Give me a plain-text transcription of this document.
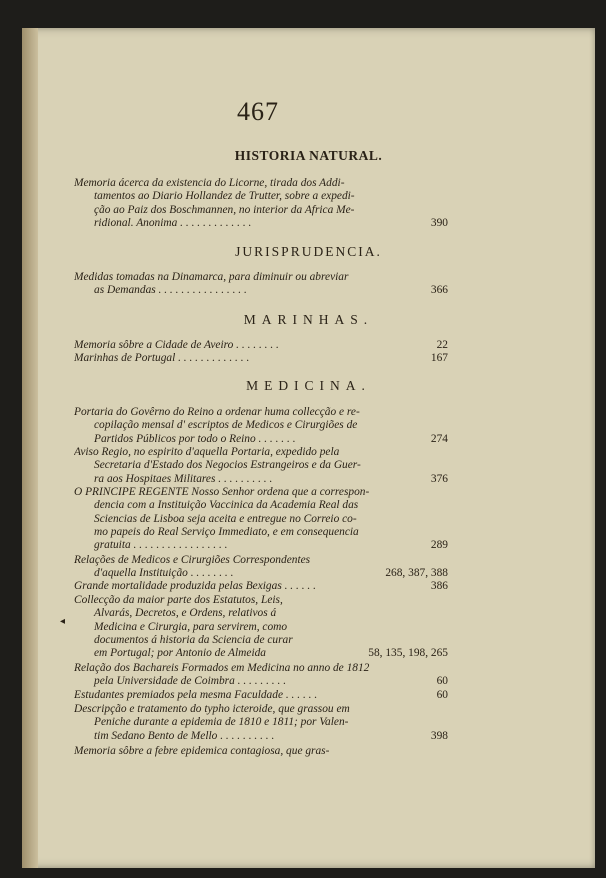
467
HISTORIA NATURAL.
Memoria ácerca da existencia do Licorne, tirada dos Addi-
tamentos ao Diario Hollandez de Trutter, sobre a expedi-
ção ao Paiz dos Boschmannen, no interior da Africa Me-
ridional. Anonima . . . . . . . . . . . . .	390
JURISPRUDENCIA.
Medidas tomadas na Dinamarca, para diminuir ou abreviar
as Demandas . . . . . . . . . . . . . . . .	366
MARINHAS.
Memoria sôbre a Cidade de Aveiro . . . . . . . .	22
Marinhas de Portugal . . . . . . . . . . . . .	167
MEDICINA.
Portaria do Govêrno do Reino a ordenar huma collecção e re-
copilação mensal d' escriptos de Medicos e Cirurgiões de
Partidos Públicos por todo o Reino . . . . . . .	274
Aviso Regio, no espirito d'aquella Portaria, expedido pela
Secretaria d'Estado dos Negocios Estrangeiros e da Guer-
ra aos Hospitaes Militares . . . . . . . . . .	376
O PRINCIPE REGENTE Nosso Senhor ordena que a correspon-
dencia com a Instituição Vaccinica da Academia Real das
Sciencias de Lisboa seja aceita e entregue no Correio co-
mo papeis do Real Serviço Immediato, e em consequencia
gratuita . . . . . . . . . . . . . . . . .	289
Relações de Medicos e Cirurgiões Correspondentes
d'aquella Instituição . . . . . . . .	268, 387, 388
◂
Grande mortalidade produzida pelas Bexigas . . . . . .	386
Collecção da maior parte dos Estatutos, Leis,
Alvarás, Decretos, e Ordens, relativos á
Medicina e Cirurgia, para servirem, como
documentos á historia da Sciencia de curar
em Portugal; por Antonio de Almeida	58, 135, 198, 265
Relação dos Bachareis Formados em Medicina no anno de 1812
pela Universidade de Coimbra . . . . . . . . .	60
Estudantes premiados pela mesma Faculdade . . . . . .	60
Descripção e tratamento do typho icteroide, que grassou em
Peniche durante a epidemia de 1810 e 1811; por Valen-
tim Sedano Bento de Mello . . . . . . . . . .	398
Memoria sôbre a febre epidemica contagiosa, que gras-
